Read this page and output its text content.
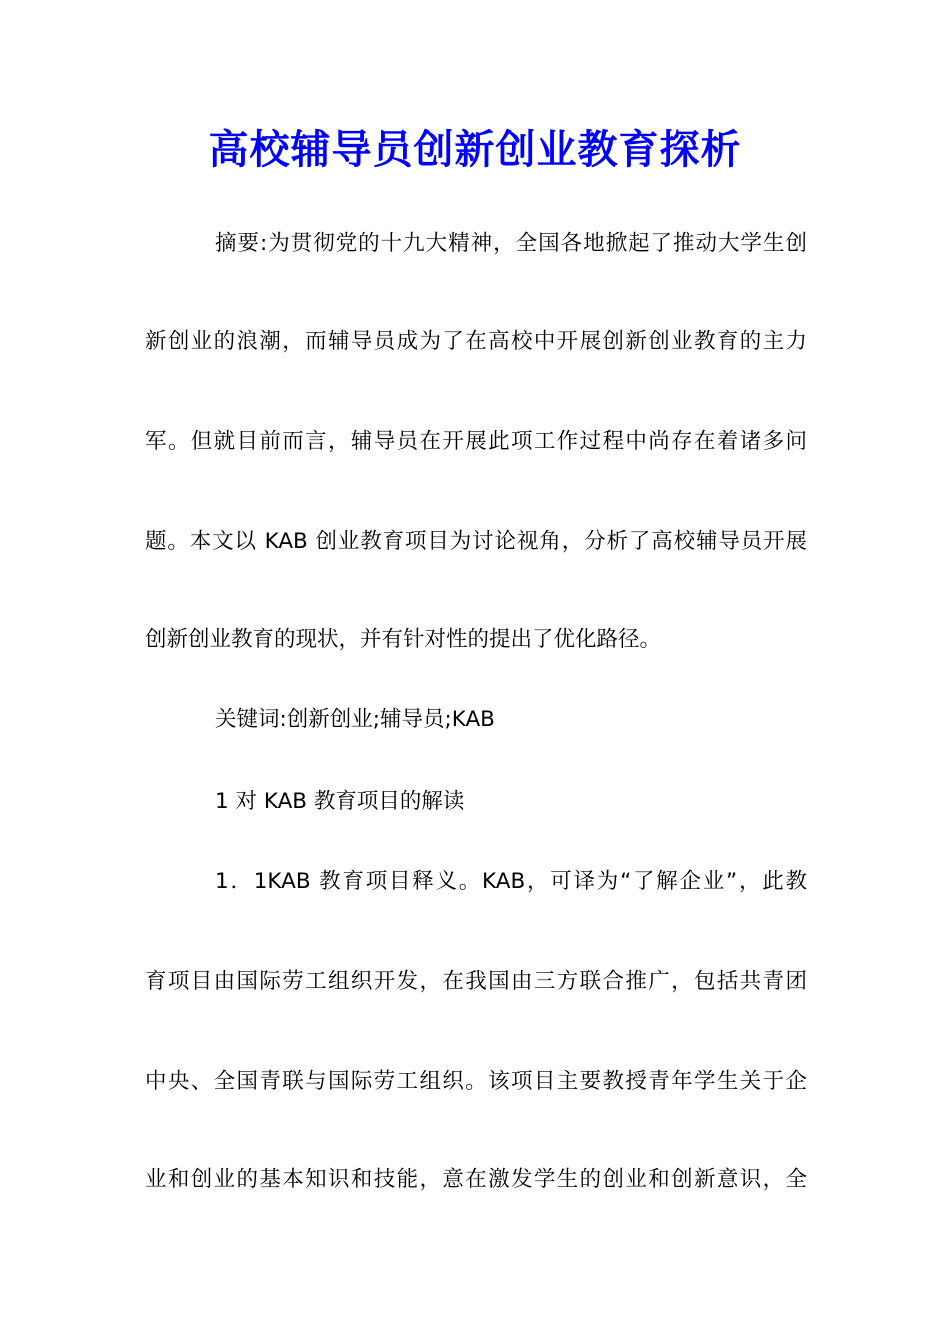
高校辅导员创新创业教育探析
摘要:为贯彻党的十九大精神，全国各地掀起了推动大学生创
新创业的浪潮，而辅导员成为了在高校中开展创新创业教育的主力
军。但就目前而言，辅导员在开展此项工作过程中尚存在着诸多问
题。本文以 KAB 创业教育项目为讨论视角，分析了高校辅导员开展
创新创业教育的现状，并有针对性的提出了优化路径。
关键词:创新创业;辅导员;KAB
1 对 KAB 教育项目的解读
1．1KAB 教育项目释义。KAB，可译为“了解企业”，此教
育项目由国际劳工组织开发，在我国由三方联合推广，包括共青团
中央、全国青联与国际劳工组织。该项目主要教授青年学生关于企
业和创业的基本知识和技能，意在激发学生的创业和创新意识，全
